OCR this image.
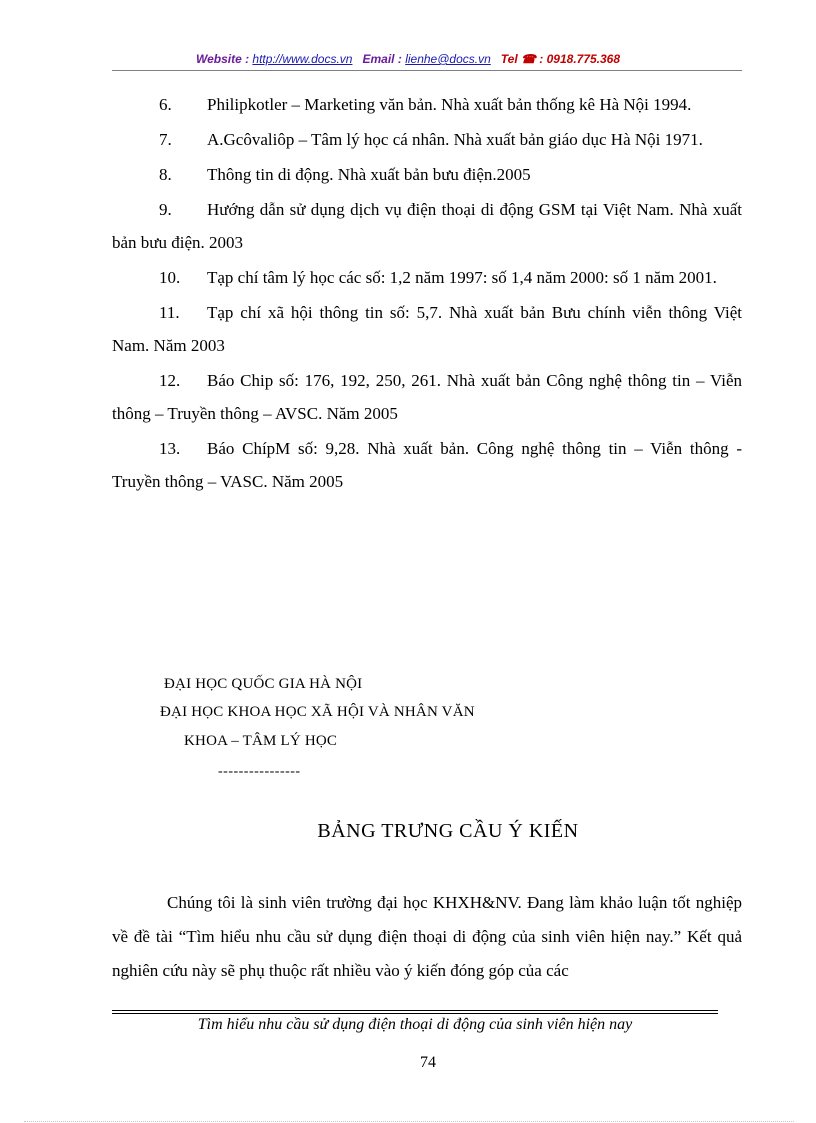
Website : http://www.docs.vn Email : lienhe@docs.vn Tel ☎ : 0918.775.368

6. Philipkotler – Marketing văn bản. Nhà xuất bản thống kê Hà Nội 1994.

7. A.Gcôvaliôp – Tâm lý học cá nhân. Nhà xuất bản giáo dục Hà Nội 1971.

8. Thông tin di động. Nhà xuất bản bưu điện.2005

9. Hướng dẫn sử dụng dịch vụ điện thoại di động GSM tại Việt Nam. Nhà xuất bản bưu điện. 2003

10. Tạp chí tâm lý học các số: 1,2 năm 1997: số 1,4 năm 2000: số 1 năm 2001.

11. Tạp chí xã hội thông tin số: 5,7. Nhà xuất bản Bưu chính viễn thông Việt Nam. Năm 2003

12. Báo Chip số: 176, 192, 250, 261. Nhà xuất bản Công nghệ thông tin – Viễn thông – Truyền thông – AVSC. Năm 2005

13. Báo ChípM số: 9,28. Nhà xuất bản. Công nghệ thông tin – Viễn thông - Truyền thông – VASC. Năm 2005

ĐẠI HỌC QUỐC GIA HÀ NỘI
ĐẠI HỌC KHOA HỌC XÃ HỘI VÀ NHÂN VĂN
KHOA – TÂM LÝ HỌC
----------------
BẢNG TRƯNG CẦU Ý KIẾN

Chúng tôi là sinh viên trường đại học KHXH&NV. Đang làm khảo luận tốt nghiệp về đề tài “Tìm hiểu nhu cầu sử dụng điện thoại di động của sinh viên hiện nay.” Kết quả nghiên cứu này sẽ phụ thuộc rất nhiều vào ý kiến đóng góp của các

Tìm hiểu nhu cầu sử dụng điện thoại di động của sinh viên hiện nay
74
